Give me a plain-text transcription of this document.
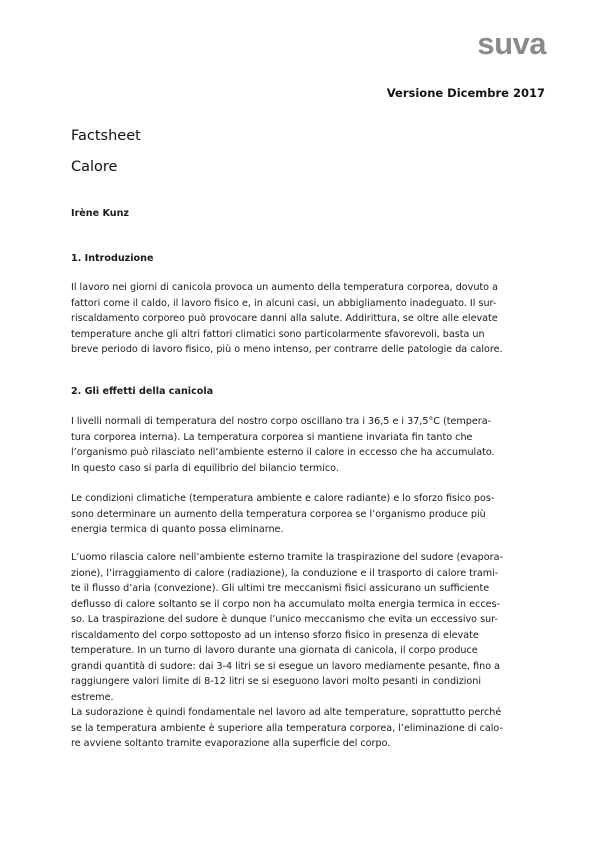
suva
Versione Dicembre 2017
Factsheet
Calore
Irène Kunz
1. Introduzione
Il lavoro nei giorni di canicola provoca un aumento della temperatura corporea, dovuto a
fattori come il caldo, il lavoro fisico e, in alcuni casi, un abbigliamento inadeguato. Il sur-
riscaldamento corporeo può provocare danni alla salute. Addirittura, se oltre alle elevate
temperature anche gli altri fattori climatici sono particolarmente sfavorevoli, basta un
breve periodo di lavoro fisico, più o meno intenso, per contrarre delle patologie da calore.
2. Gli effetti della canicola
I livelli normali di temperatura del nostro corpo oscillano tra i 36,5 e i 37,5°C (tempera-
tura corporea interna). La temperatura corporea si mantiene invariata fin tanto che
l’organismo può rilasciato nell’ambiente esterno il calore in eccesso che ha accumulato.
In questo caso si parla di equilibrio del bilancio termico.
Le condizioni climatiche (temperatura ambiente e calore radiante) e lo sforzo fisico pos-
sono determinare un aumento della temperatura corporea se l’organismo produce più
energia termica di quanto possa eliminarne.
L’uomo rilascia calore nell’ambiente esterno tramite la traspirazione del sudore (evapora-
zione), l’irraggiamento di calore (radiazione), la conduzione e il trasporto di calore trami-
te il flusso d’aria (convezione). Gli ultimi tre meccanismi fisici assicurano un sufficiente
deflusso di calore soltanto se il corpo non ha accumulato molta energia termica in ecces-
so. La traspirazione del sudore è dunque l’unico meccanismo che evita un eccessivo sur-
riscaldamento del corpo sottoposto ad un intenso sforzo fisico in presenza di elevate
temperature. In un turno di lavoro durante una giornata di canicola, il corpo produce
grandi quantità di sudore: dai 3-4 litri se si esegue un lavoro mediamente pesante, fino a
raggiungere valori limite di 8-12 litri se si eseguono lavori molto pesanti in condizioni
estreme.
La sudorazione è quindi fondamentale nel lavoro ad alte temperature, soprattutto perché
se la temperatura ambiente è superiore alla temperatura corporea, l’eliminazione di calo-
re avviene soltanto tramite evaporazione alla superficie del corpo.
